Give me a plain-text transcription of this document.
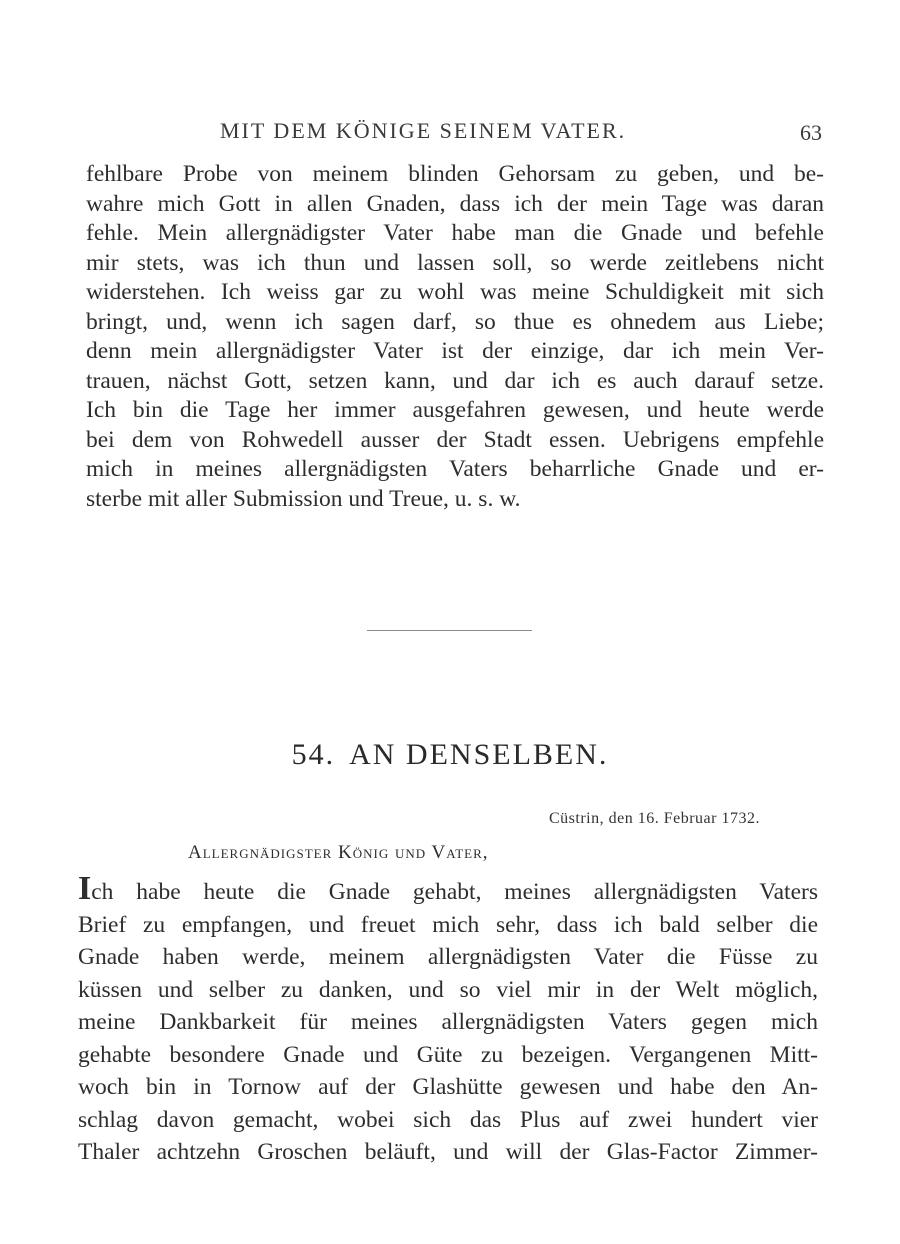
MIT DEM KÖNIGE SEINEM VATER.	63
fehlbare Probe von meinem blinden Gehorsam zu geben, und be-
wahre mich Gott in allen Gnaden, dass ich der mein Tage was daran
fehle. Mein allergnädigster Vater habe man die Gnade und befehle
mir stets, was ich thun und lassen soll, so werde zeitlebens nicht
widerstehen. Ich weiss gar zu wohl was meine Schuldigkeit mit sich
bringt, und, wenn ich sagen darf, so thue es ohnedem aus Liebe;
denn mein allergnädigster Vater ist der einzige, dar ich mein Ver-
trauen, nächst Gott, setzen kann, und dar ich es auch darauf setze.
Ich bin die Tage her immer ausgefahren gewesen, und heute werde
bei dem von Rohwedell ausser der Stadt essen. Uebrigens empfehle
mich in meines allergnädigsten Vaters beharrliche Gnade und er-
sterbe mit aller Submission und Treue, u. s. w.
54. AN DENSELBEN.
Cüstrin, den 16. Februar 1732.
Allergnädigster König und Vater,
Ich habe heute die Gnade gehabt, meines allergnädigsten Vaters
Brief zu empfangen, und freuet mich sehr, dass ich bald selber die
Gnade haben werde, meinem allergnädigsten Vater die Füsse zu
küssen und selber zu danken, und so viel mir in der Welt möglich,
meine Dankbarkeit für meines allergnädigsten Vaters gegen mich
gehabte besondere Gnade und Güte zu bezeigen. Vergangenen Mitt-
woch bin in Tornow auf der Glashütte gewesen und habe den An-
schlag davon gemacht, wobei sich das Plus auf zwei hundert vier
Thaler achtzehn Groschen beläuft, und will der Glas-Factor Zimmer-
